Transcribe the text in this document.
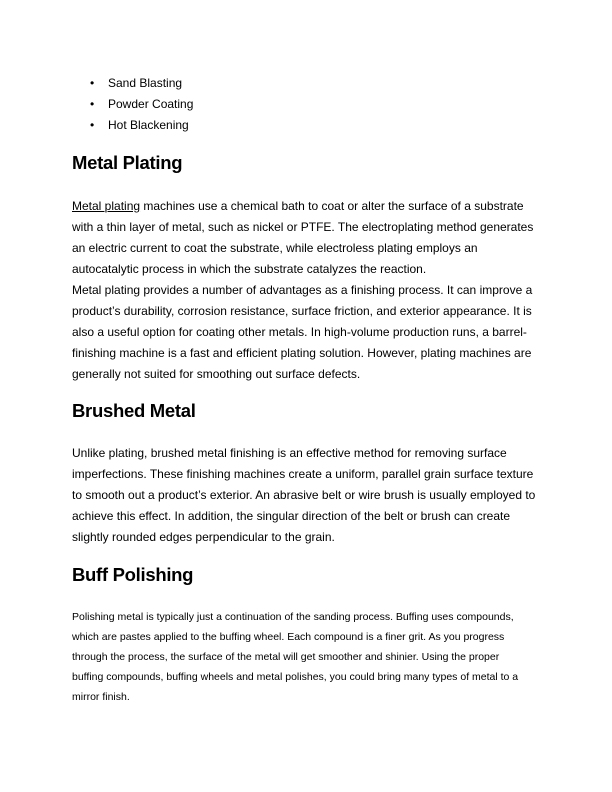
• Sand Blasting
• Powder Coating
• Hot Blackening
Metal Plating
Metal plating machines use a chemical bath to coat or alter the surface of a substrate
with a thin layer of metal, such as nickel or PTFE. The electroplating method generates
an electric current to coat the substrate, while electroless plating employs an
autocatalytic process in which the substrate catalyzes the reaction.
Metal plating provides a number of advantages as a finishing process. It can improve a
product’s durability, corrosion resistance, surface friction, and exterior appearance. It is
also a useful option for coating other metals. In high-volume production runs, a barrel-
finishing machine is a fast and efficient plating solution. However, plating machines are
generally not suited for smoothing out surface defects.
Brushed Metal
Unlike plating, brushed metal finishing is an effective method for removing surface
imperfections. These finishing machines create a uniform, parallel grain surface texture
to smooth out a product’s exterior. An abrasive belt or wire brush is usually employed to
achieve this effect. In addition, the singular direction of the belt or brush can create
slightly rounded edges perpendicular to the grain.
Buff Polishing
Polishing metal is typically just a continuation of the sanding process. Buffing uses compounds,
which are pastes applied to the buffing wheel. Each compound is a finer grit. As you progress
through the process, the surface of the metal will get smoother and shinier. Using the proper
buffing compounds, buffing wheels and metal polishes, you could bring many types of metal to a
mirror finish.
